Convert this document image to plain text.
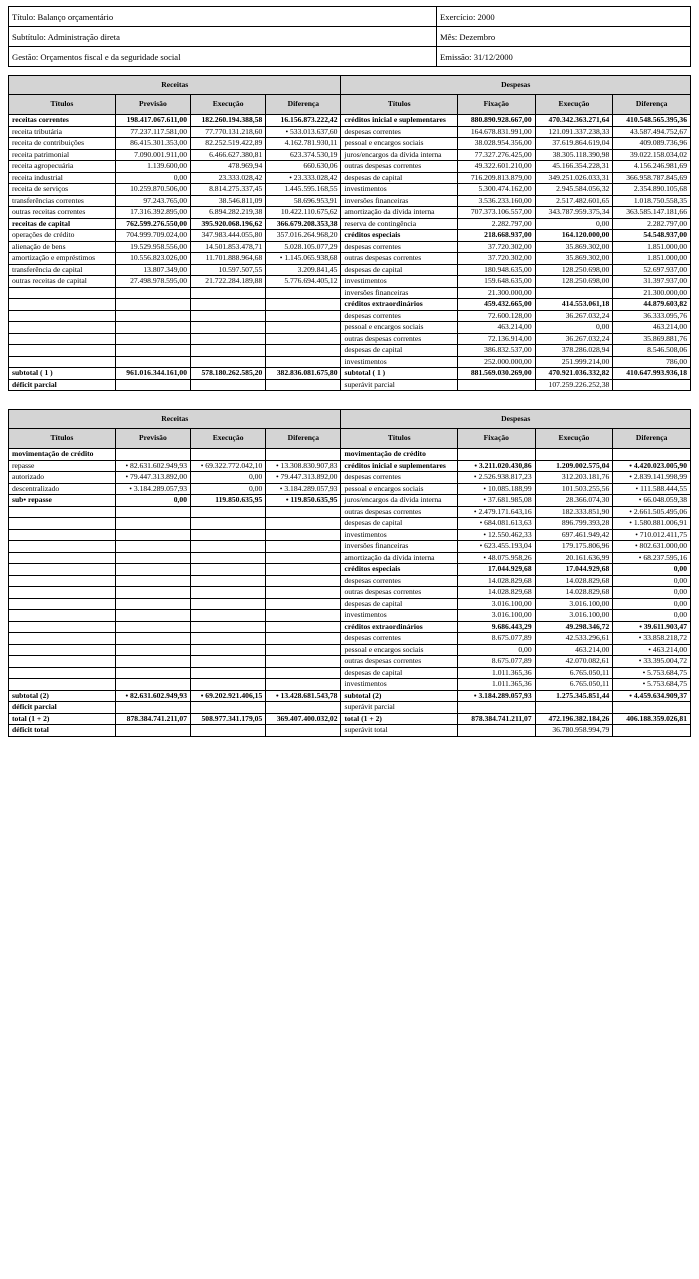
Título: Balanço orçamentário	Exercício: 2000
Subtítulo: Administração direta	Mês: Dezembro
Gestão: Orçamentos fiscal e da seguridade social	Emissão: 31/12/2000
Receitas				Despesas			
Títulos	Previsão	Execução	Diferença	Títulos	Fixação	Execução	Diferença
receitas correntes	198.417.067.611,00	182.260.194.388,58	16.156.873.222,42	créditos inicial e suplementares	880.890.928.667,00	470.342.363.271,64	410.548.565.395,36
receita tributária	77.237.117.581,00	77.770.131.218,60	• 533.013.637,60	despesas correntes	164.678.831.991,00	121.091.337.238,33	43.587.494.752,67
receita de contribuições	86.415.301.353,00	82.252.519.422,89	4.162.781.930,11	pessoal e encargos sociais	38.028.954.356,00	37.619.864.619,04	409.089.736,96
receita patrimonial	7.090.001.911,00	6.466.627.380,81	623.374.530,19	juros/encargos da dívida interna	77.327.276.425,00	38.305.118.390,98	39.022.158.034,02
receita agropecuária	1.139.600,00	478.969,94	660.630,06	outras despesas correntes	49.322.601.210,00	45.166.354.228,31	4.156.246.981,69
receita industrial	0,00	23.333.028,42	• 23.333.028,42	despesas de capital	716.209.813.879,00	349.251.026.033,31	366.958.787.845,69
receita de serviços	10.259.870.506,00	8.814.275.337,45	1.445.595.168,55	investimentos	5.300.474.162,00	2.945.584.056,32	2.354.890.105,68
transferências correntes	97.243.765,00	38.546.811,09	58.696.953,91	inversões financeiras	3.536.233.160,00	2.517.482.601,65	1.018.750.558,35
outras receitas correntes	17.316.392.895,00	6.894.282.219,38	10.422.110.675,62	amortização da dívida interna	707.373.106.557,00	343.787.959.375,34	363.585.147.181,66
receitas de capital	762.599.276.550,00	395.920.068.196,62	366.679.208.353,38	reserva de contingência	2.282.797,00	0,00	2.282.797,00
operações de crédito	704.999.709.024,00	347.983.444.055,80	357.016.264.968,20	créditos especiais	218.668.937,00	164.120.000,00	54.548.937,00
alienação de bens	19.529.958.556,00	14.501.853.478,71	5.028.105.077,29	despesas correntes	37.720.302,00	35.869.302,00	1.851.000,00
amortização e empréstimos	10.556.823.026,00	11.701.888.964,68	• 1.145.065.938,68	outras despesas correntes	37.720.302,00	35.869.302,00	1.851.000,00
transferência de capital	13.807.349,00	10.597.507,55	3.209.841,45	despesas de capital	180.948.635,00	128.250.698,00	52.697.937,00
outras receitas de capital	27.498.978.595,00	21.722.284.189,88	5.776.694.405,12	investimentos	159.648.635,00	128.250.698,00	31.397.937,00
				inversões financeiras	21.300.000,00		21.300.000,00
				créditos extraordinários	459.432.665,00	414.553.061,18	44.879.603,82
				despesas correntes	72.600.128,00	36.267.032,24	36.333.095,76
				pessoal e encargos sociais	463.214,00	0,00	463.214,00
				outras despesas correntes	72.136.914,00	36.267.032,24	35.869.881,76
				despesas de capital	386.832.537,00	378.286.028,94	8.546.508,06
				investimentos	252.000.000,00	251.999.214,00	786,00
subtotal ( 1 )	961.016.344.161,00	578.180.262.585,20	382.836.081.675,80	subtotal ( 1 )	881.569.030.269,00	470.921.036.332,82	410.647.993.936,18
déficit parcial				superávit parcial		107.259.226.252,38	
Receitas				Despesas			
Títulos	Previsão	Execução	Diferença	Títulos	Fixação	Execução	Diferença
movimentação de crédito				movimentação de crédito			
repasse	• 82.631.602.949,93	• 69.322.772.042,10	• 13.308.830.907,83	créditos inicial e suplementares	• 3.211.020.430,86	1.209.002.575,04	• 4.420.023.005,90
autorizado	• 79.447.313.892,00	0,00	• 79.447.313.892,00	despesas correntes	• 2.526.938.817,23	312.203.181,76	• 2.839.141.998,99
descentralizado	• 3.184.289.057,93	0,00	• 3.184.289.057,93	pessoal e encargos sociais	• 10.085.188,99	101.503.255,56	• 111.588.444,55
sub• repasse	0,00	119.850.635,95	• 119.850.635,95	juros/encargos da dívida interna	• 37.681.985,08	28.366.074,30	• 66.048.059,38
				outras despesas correntes	• 2.479.171.643,16	182.333.851,90	• 2.661.505.495,06
				despesas de capital	• 684.081.613,63	896.799.393,28	• 1.580.881.006,91
				investimentos	• 12.550.462,33	697.461.949,42	• 710.012.411,75
				inversões financeiras	• 623.455.193,04	179.175.806,96	• 802.631.000,00
				amortização da dívida interna	• 48.075.958,26	20.161.636,99	• 68.237.595,16
				créditos especiais	17.044.929,68	17.044.929,68	0,00
				despesas correntes	14.028.829,68	14.028.829,68	0,00
				outras despesas correntes	14.028.829,68	14.028.829,68	0,00
				despesas de capital	3.016.100,00	3.016.100,00	0,00
				investimentos	3.016.100,00	3.016.100,00	0,00
				créditos extraordinários	9.686.443,29	49.298.346,72	• 39.611.903,47
				despesas correntes	8.675.077,89	42.533.296,61	• 33.858.218,72
				pessoal e encargos sociais	0,00	463.214,00	• 463.214,00
				outras despesas correntes	8.675.077,89	42.070.082,61	• 33.395.004,72
				despesas de capital	1.011.365,36	6.765.050,11	• 5.753.684,75
				investimentos	1.011.365,36	6.765.050,11	• 5.753.684,75
subtotal (2)	• 82.631.602.949,93	• 69.202.921.406,15	• 13.428.681.543,78	subtotal (2)	• 3.184.289.057,93	1.275.345.851,44	• 4.459.634.909,37
déficit parcial				superávit parcial			
total (1 + 2)	878.384.741.211,07	508.977.341.179,05	369.407.400.032,02	total (1 + 2)	878.384.741.211,07	472.196.382.184,26	406.188.359.026,81
déficit total				superávit total		36.780.958.994,79	
